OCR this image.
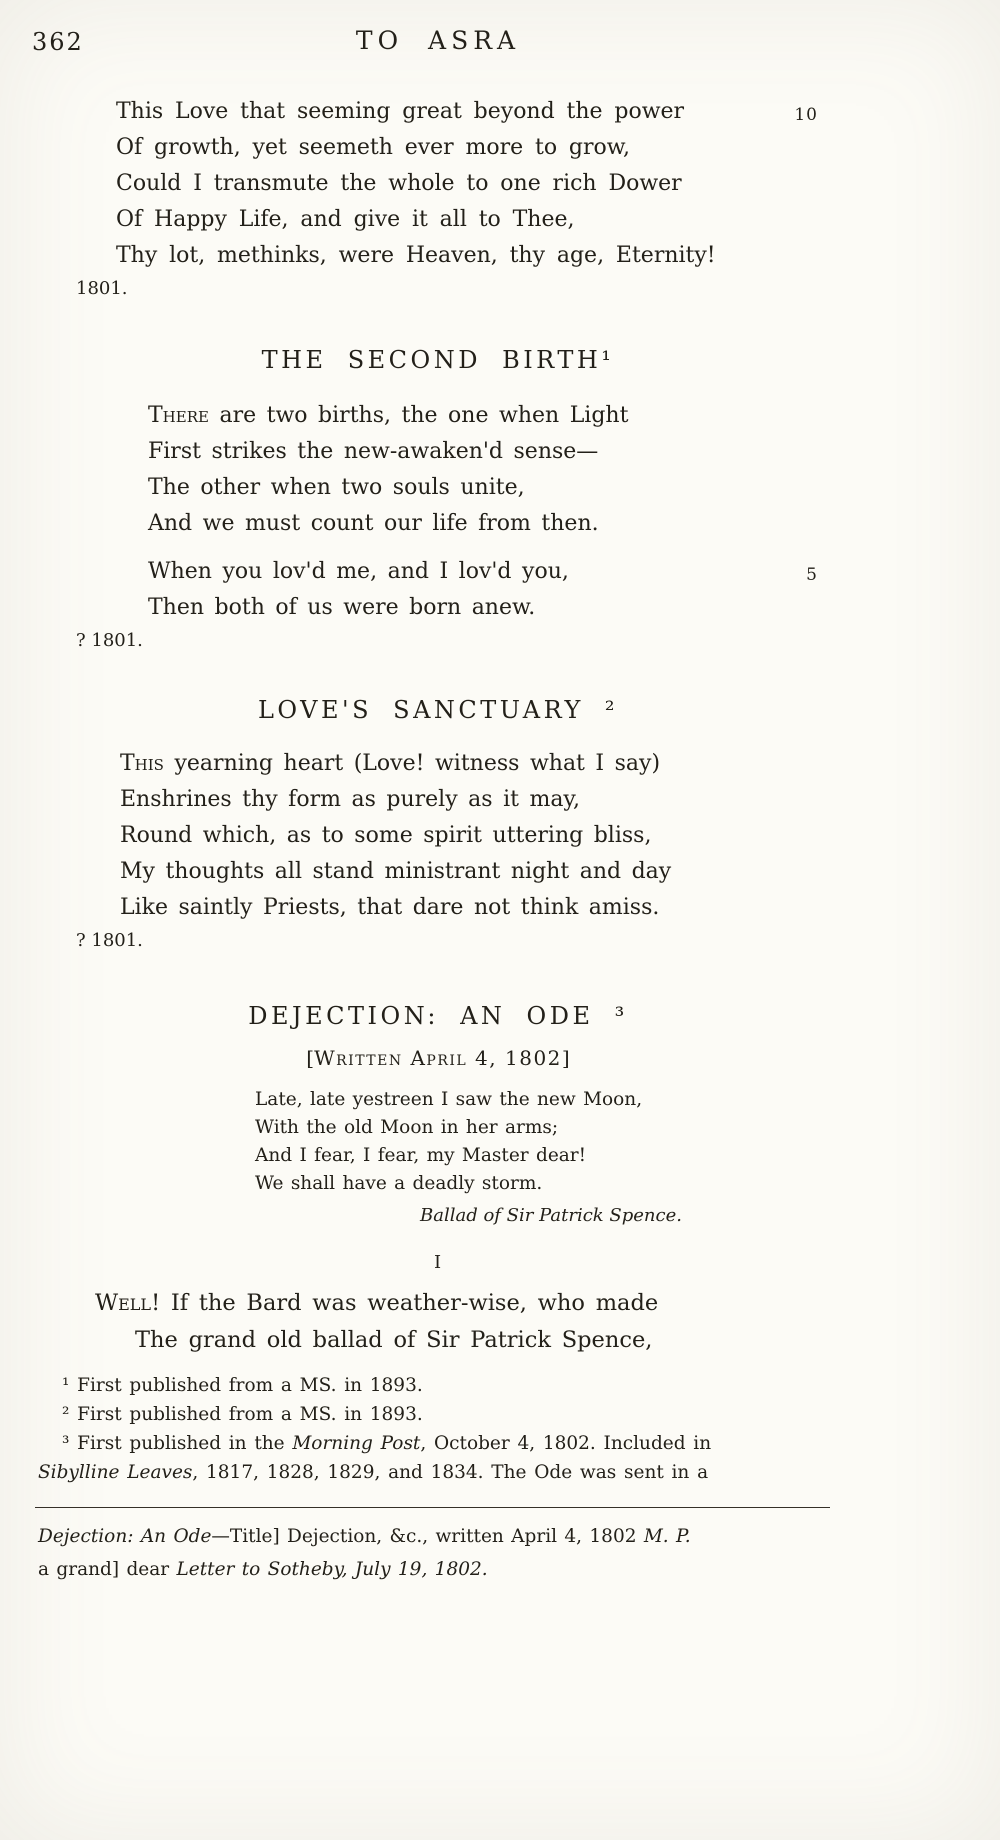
362	TO ASRA
This Love that seeming great beyond the power	10
Of growth, yet seemeth ever more to grow,
Could I transmute the whole to one rich Dower
Of Happy Life, and give it all to Thee,
Thy lot, methinks, were Heaven, thy age, Eternity!
1801.
THE SECOND BIRTH¹
There are two births, the one when Light
First strikes the new-awaken'd sense—
The other when two souls unite,
And we must count our life from then.
When you lov'd me, and I lov'd you,	5
Then both of us were born anew.
? 1801.
LOVE'S SANCTUARY ²
This yearning heart (Love! witness what I say)
Enshrines thy form as purely as it may,
Round which, as to some spirit uttering bliss,
My thoughts all stand ministrant night and day
Like saintly Priests, that dare not think amiss.
? 1801.
DEJECTION: AN ODE ³
[Written April 4, 1802]
Late, late yestreen I saw the new Moon,
With the old Moon in her arms;
And I fear, I fear, my Master dear!
We shall have a deadly storm.
Ballad of Sir Patrick Spence.
I
Well! If the Bard was weather-wise, who made
The grand old ballad of Sir Patrick Spence,
¹ First published from a MS. in 1893.
² First published from a MS. in 1893.
³ First published in the Morning Post, October 4, 1802. Included in
Sibylline Leaves, 1817, 1828, 1829, and 1834. The Ode was sent in a
Dejection: An Ode—Title] Dejection, &c., written April 4, 1802 M. P.
a grand] dear Letter to Sotheby, July 19, 1802.
